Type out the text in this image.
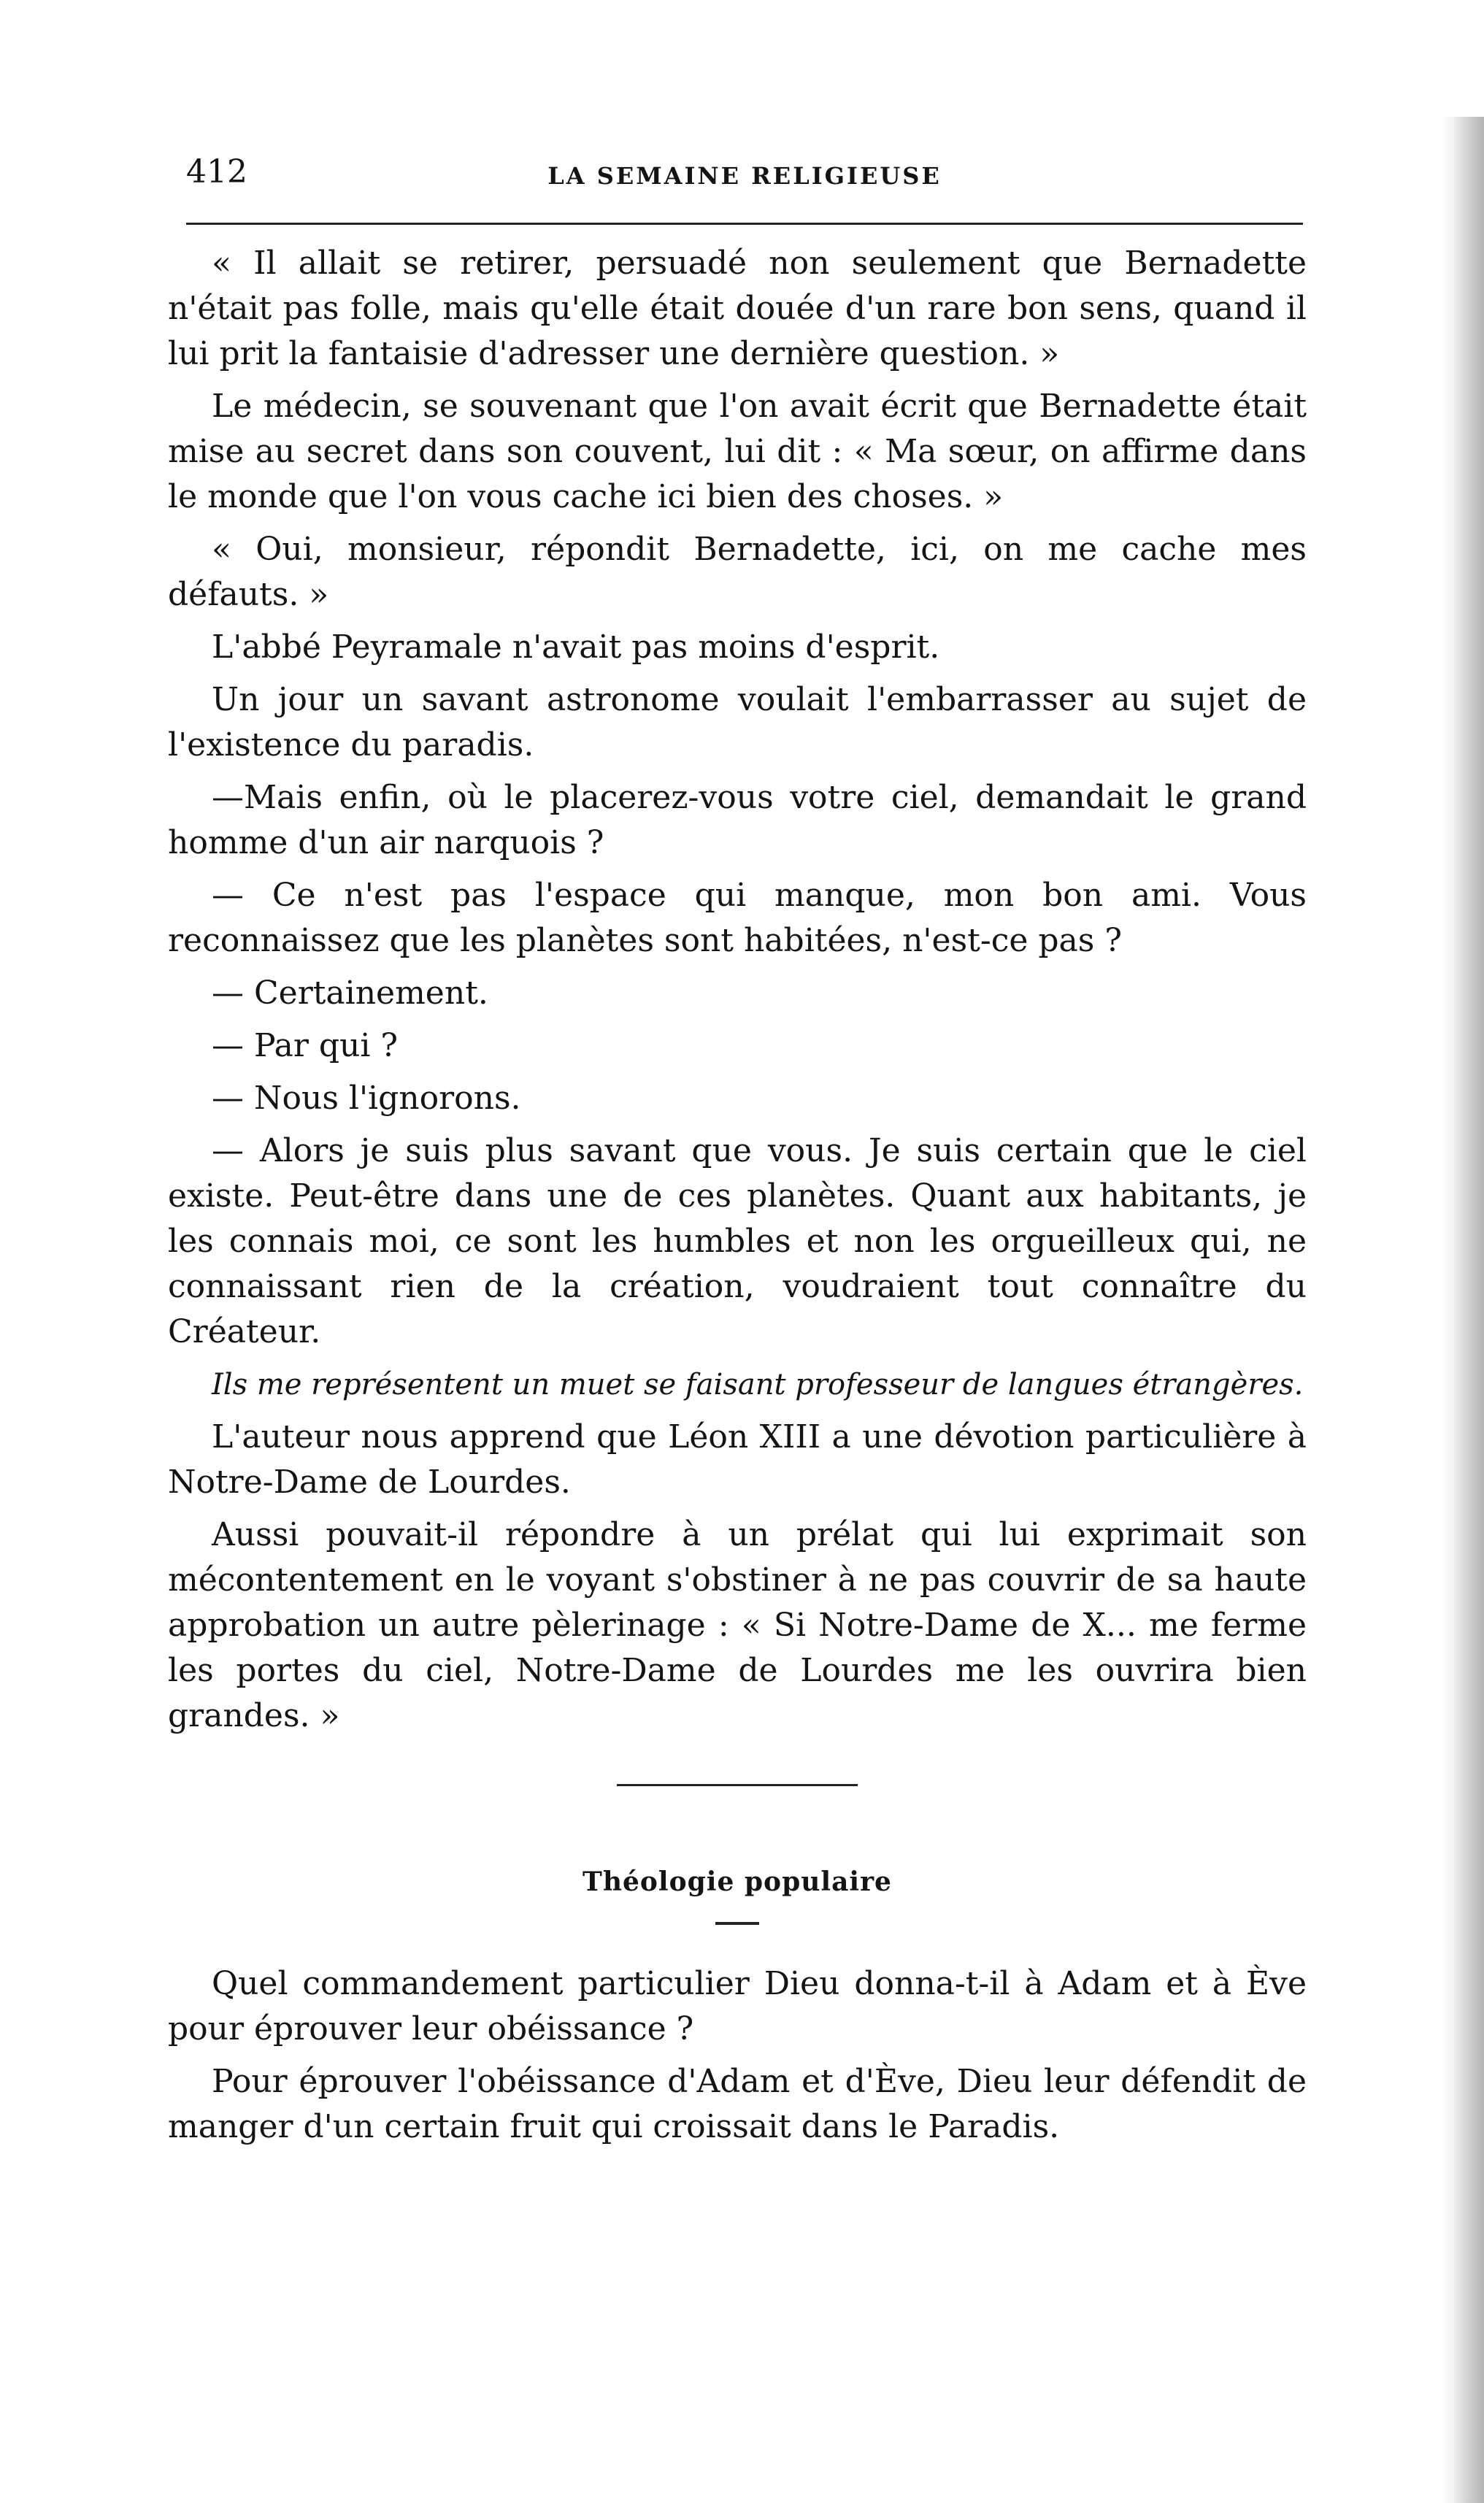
412	LA SEMAINE RELIGIEUSE

« Il allait se retirer, persuadé non seulement que Bernadette n'était pas folle, mais qu'elle était douée d'un rare bon sens, quand il lui prit la fantaisie d'adresser une dernière question. »

Le médecin, se souvenant que l'on avait écrit que Bernadette était mise au secret dans son couvent, lui dit : « Ma sœur, on affirme dans le monde que l'on vous cache ici bien des choses. »

« Oui, monsieur, répondit Bernadette, ici, on me cache mes défauts. »

L'abbé Peyramale n'avait pas moins d'esprit.

Un jour un savant astronome voulait l'embarrasser au sujet de l'existence du paradis.

—Mais enfin, où le placerez-vous votre ciel, demandait le grand homme d'un air narquois ?

— Ce n'est pas l'espace qui manque, mon bon ami. Vous reconnaissez que les planètes sont habitées, n'est-ce pas ?

— Certainement.

— Par qui ?

— Nous l'ignorons.

— Alors je suis plus savant que vous. Je suis certain que le ciel existe. Peut-être dans une de ces planètes. Quant aux habitants, je les connais moi, ce sont les humbles et non les orgueilleux qui, ne connaissant rien de la création, voudraient tout connaître du Créateur.

Ils me représentent un muet se faisant professeur de langues étrangères.

L'auteur nous apprend que Léon XIII a une dévotion particulière à Notre-Dame de Lourdes.

Aussi pouvait-il répondre à un prélat qui lui exprimait son mécontentement en le voyant s'obstiner à ne pas couvrir de sa haute approbation un autre pèlerinage : « Si Notre-Dame de X... me ferme les portes du ciel, Notre-Dame de Lourdes me les ouvrira bien grandes. »

Théologie populaire

Quel commandement particulier Dieu donna-t-il à Adam et à Ève pour éprouver leur obéissance ?

Pour éprouver l'obéissance d'Adam et d'Ève, Dieu leur défendit de manger d'un certain fruit qui croissait dans le Paradis.
